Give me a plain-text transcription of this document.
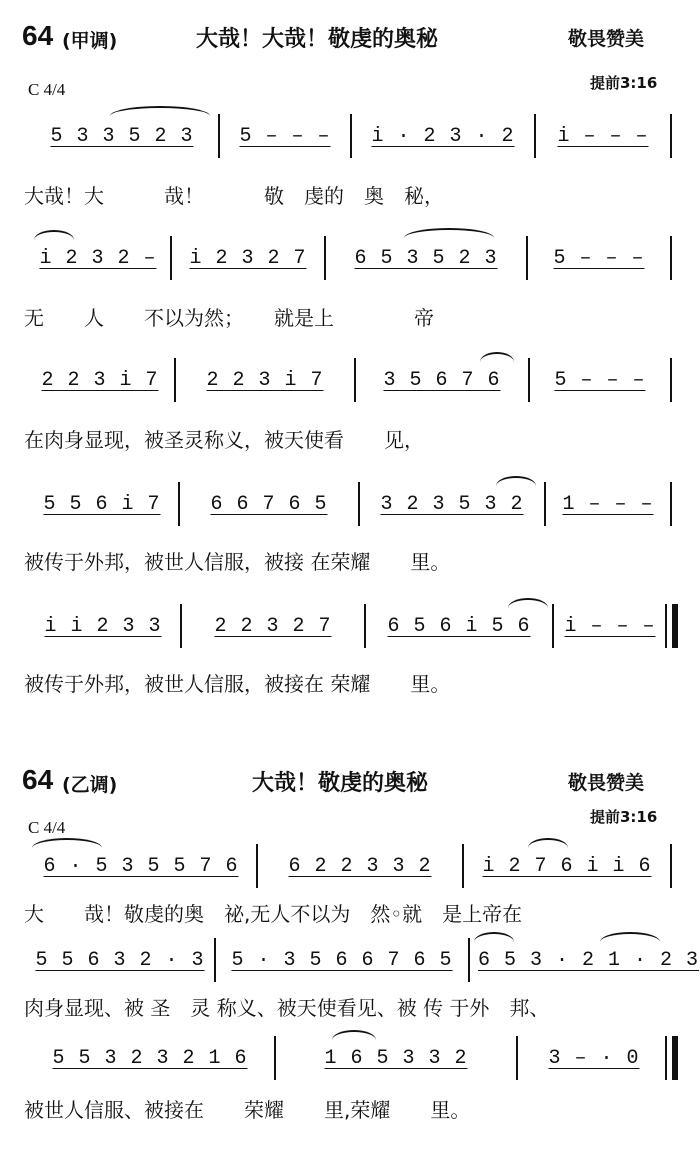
64 (甲调)	大哉！大哉！敬虔的奥秘	敬畏赞美
C 4/4	提前3:16
5 3 3 5 2 3 5 – – – i · 2 3 · 2 i – – –
大哉！大　　　哉！　　　敬　虔的　奥　秘，
i 2 3 2 – i 2 3 2 7 6 5 3 5 2 3	5 – – –
无　　人　　不以为然；　　就是上　　　　帝
2 2 3 i 7 2 2 3 i 7	3 5 6 7 6	5 – – –
在肉身显现，被圣灵称义，被天使看　　见，
5 5 6 i 7 6 6 7 6 5	3 2 3 5 3 2 1 – – –
被传于外邦，被世人信服，被接 在荣耀　　里。
i i 2 3 3	2 2 3 2 7	6 5 6 i 5 6 i – – –
被传于外邦，被世人信服，被接在 荣耀　　里。
64 (乙调)	大哉！敬虔的奥秘	敬畏赞美
C 4/4
提前3:16
6 · 5 3 5 5 7 6 6 2 2 3 3 2	i 2 7 6 i i 6
大　　哉！敬虔的奥　祕,无人不以为　然◦就　是上帝在
5 5 6 3 2 · 3 5 · 3 5 6 6 7 6 5 6 5 3 · 2 1 · 2 3
肉身显现、被 圣　灵 称义、被天使看见、被 传 于外　邦、
5 5 3 2 3 2 1 6	1 6 5 3 3 2	3 – · 0
被世人信服、被接在　　荣耀　　里,荣耀　　里。
